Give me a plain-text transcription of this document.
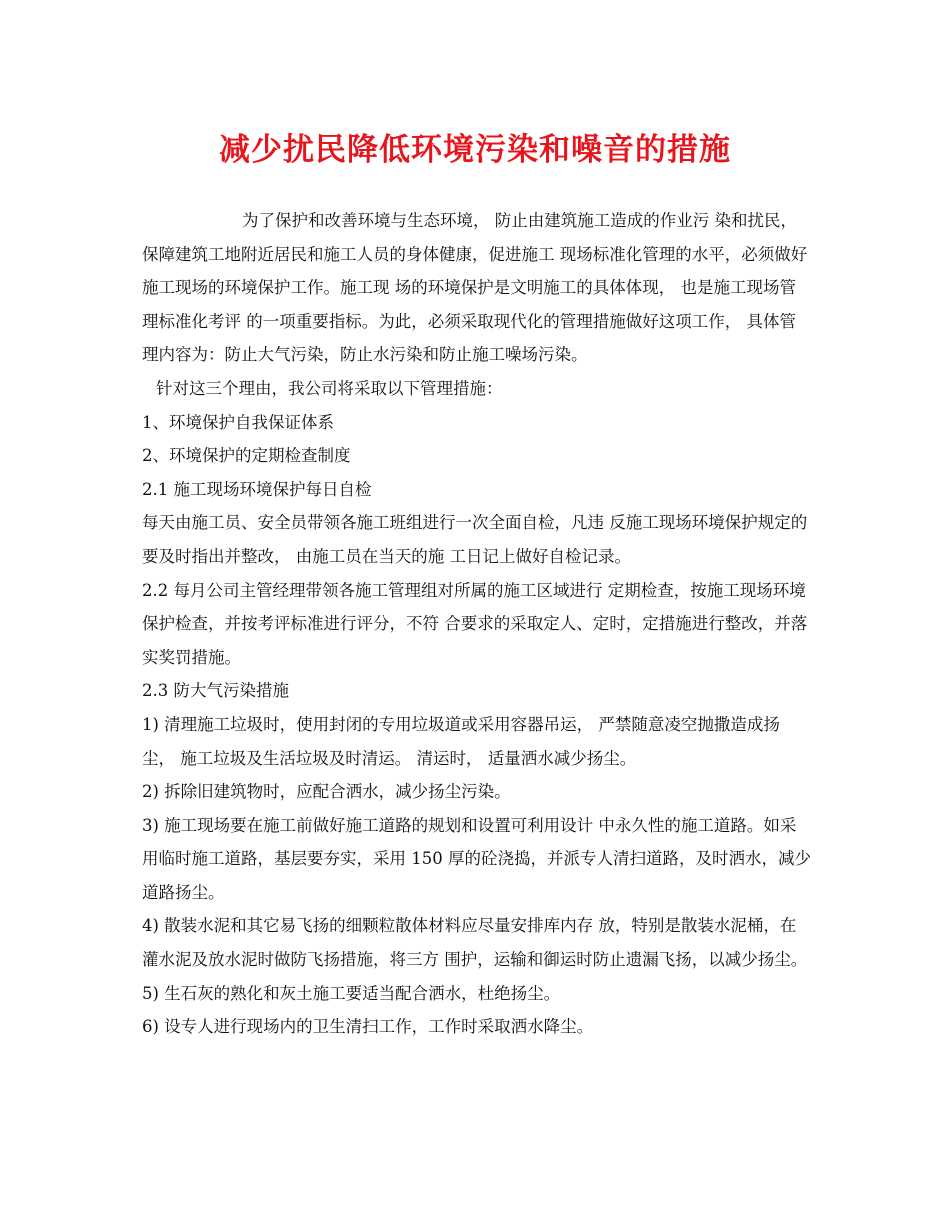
减少扰民降低环境污染和噪音的措施

为了保护和改善环境与生态环境， 防止由建筑施工造成的作业污 染和扰民，保障建筑工地附近居民和施工人员的身体健康，促进施工 现场标准化管理的水平，必须做好施工现场的环境保护工作。施工现 场的环境保护是文明施工的具体体现， 也是施工现场管理标准化考评 的一项重要指标。为此，必须采取现代化的管理措施做好这项工作， 具体管理内容为：防止大气污染，防止水污染和防止施工噪场污染。

针对这三个理由，我公司将采取以下管理措施：

1、环境保护自我保证体系

2、环境保护的定期检查制度

2.1 施工现场环境保护每日自检

每天由施工员、安全员带领各施工班组进行一次全面自检，凡违 反施工现场环境保护规定的要及时指出并整改， 由施工员在当天的施 工日记上做好自检记录。

2.2 每月公司主管经理带领各施工管理组对所属的施工区域进行 定期检查，按施工现场环境保护检查，并按考评标准进行评分，不符 合要求的采取定人、定时，定措施进行整改，并落实奖罚措施。

2.3 防大气污染措施

1) 清理施工垃圾时，使用封闭的专用垃圾道或采用容器吊运， 严禁随意凌空抛撒造成扬尘， 施工垃圾及生活垃圾及时清运。 清运时， 适量洒水减少扬尘。

2) 拆除旧建筑物时，应配合洒水，减少扬尘污染。

3) 施工现场要在施工前做好施工道路的规划和设置可利用设计 中永久性的施工道路。如采用临时施工道路，基层要夯实，采用 150 厚的砼浇捣，并派专人清扫道路，及时洒水，减少道路扬尘。

4) 散装水泥和其它易飞扬的细颗粒散体材料应尽量安排库内存 放，特别是散装水泥桶，在灌水泥及放水泥时做防飞扬措施，将三方 围护，运输和御运时防止遗漏飞扬，以减少扬尘。 5) 生石灰的熟化和灰土施工要适当配合洒水，杜绝扬尘。

6) 设专人进行现场内的卫生清扫工作，工作时采取洒水降尘。
